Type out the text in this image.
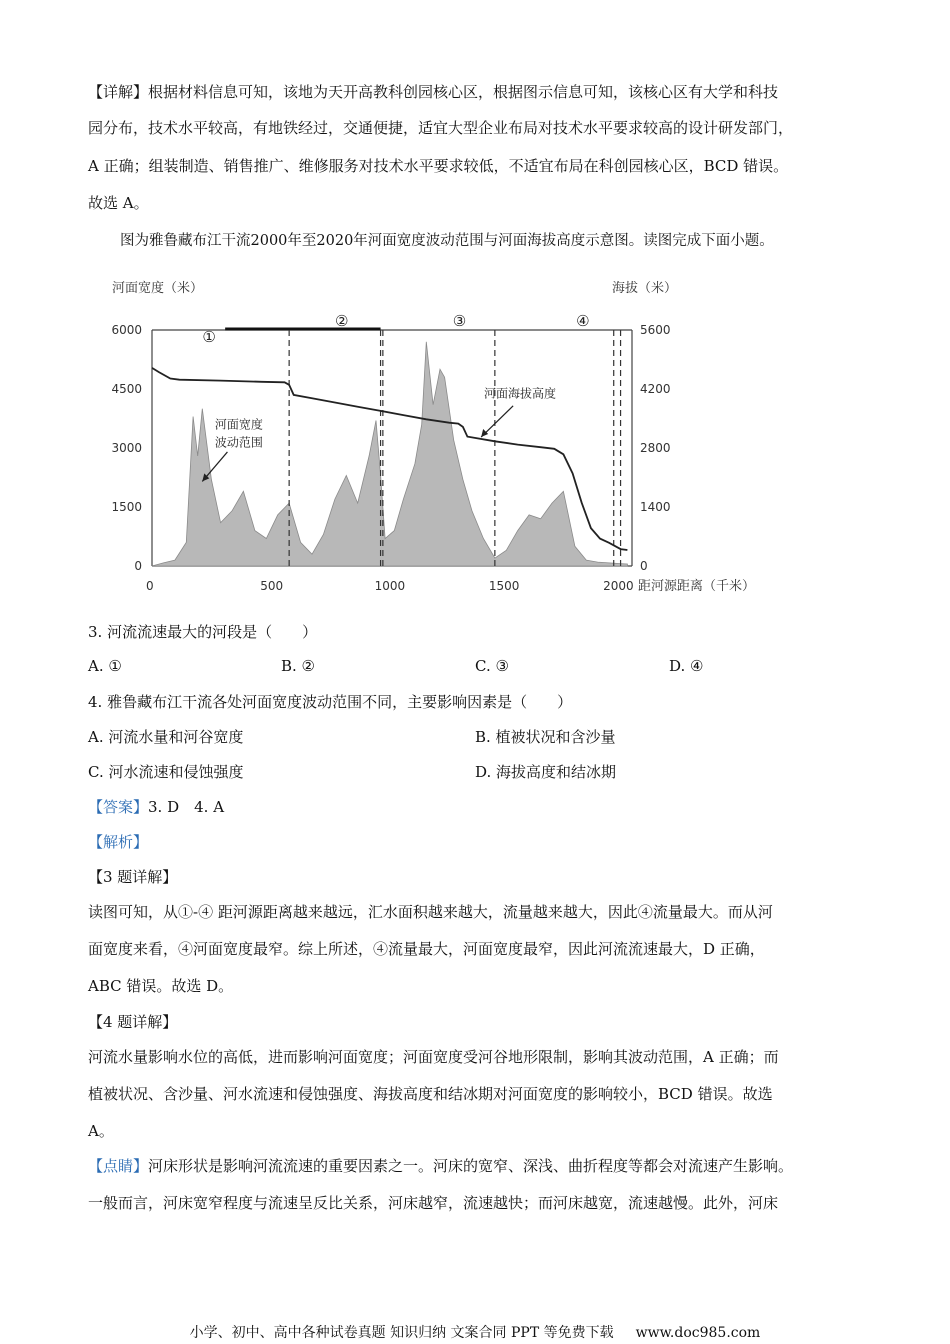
【详解】根据材料信息可知，该地为天开高教科创园核心区，根据图示信息可知，该核心区有大学和科技
园分布，技术水平较高，有地铁经过，交通便捷，适宜大型企业布局对技术水平要求较高的设计研发部门，
A 正确；组装制造、销售推广、维修服务对技术水平要求较低，不适宜布局在科创园核心区，BCD 错误。
故选 A。
图为雅鲁藏布江干流2000年至2020年河面宽度波动范围与河面海拔高度示意图。读图完成下面小题。
河面宽度（米）	海拔（米）
距河源距离（千米）
0	500	1000	1500	2000
6000
4500
3000
1500
0
5600
4200
2800
1400
0
①
②	③	④
河面宽度
波动范围
河面海拔高度
3. 河流流速最大的河段是（　　）
A. ①	B. ②	C. ③	D. ④
4. 雅鲁藏布江干流各处河面宽度波动范围不同，主要影响因素是（　　）
A. 河流水量和河谷宽度	B. 植被状况和含沙量
C. 河水流速和侵蚀强度	D. 海拔高度和结冰期
【答案】3. D　4. A
【解析】
【3 题详解】
读图可知，从①-④ 距河源距离越来越远，汇水面积越来越大，流量越来越大，因此④流量最大。而从河
面宽度来看，④河面宽度最窄。综上所述，④流量最大，河面宽度最窄，因此河流流速最大，D 正确，
ABC 错误。故选 D。
【4 题详解】
河流水量影响水位的高低，进而影响河面宽度；河面宽度受河谷地形限制，影响其波动范围，A 正确；而
植被状况、含沙量、河水流速和侵蚀强度、海拔高度和结冰期对河面宽度的影响较小，BCD 错误。故选
A。
【点睛】河床形状是影响河流流速的重要因素之一。河床的宽窄、深浅、曲折程度等都会对流速产生影响。
一般而言，河床宽窄程度与流速呈反比关系，河床越窄，流速越快；而河床越宽，流速越慢。此外，河床
小学、初中、高中各种试卷真题 知识归纳 文案合同 PPT 等免费下载 www.doc985.com
